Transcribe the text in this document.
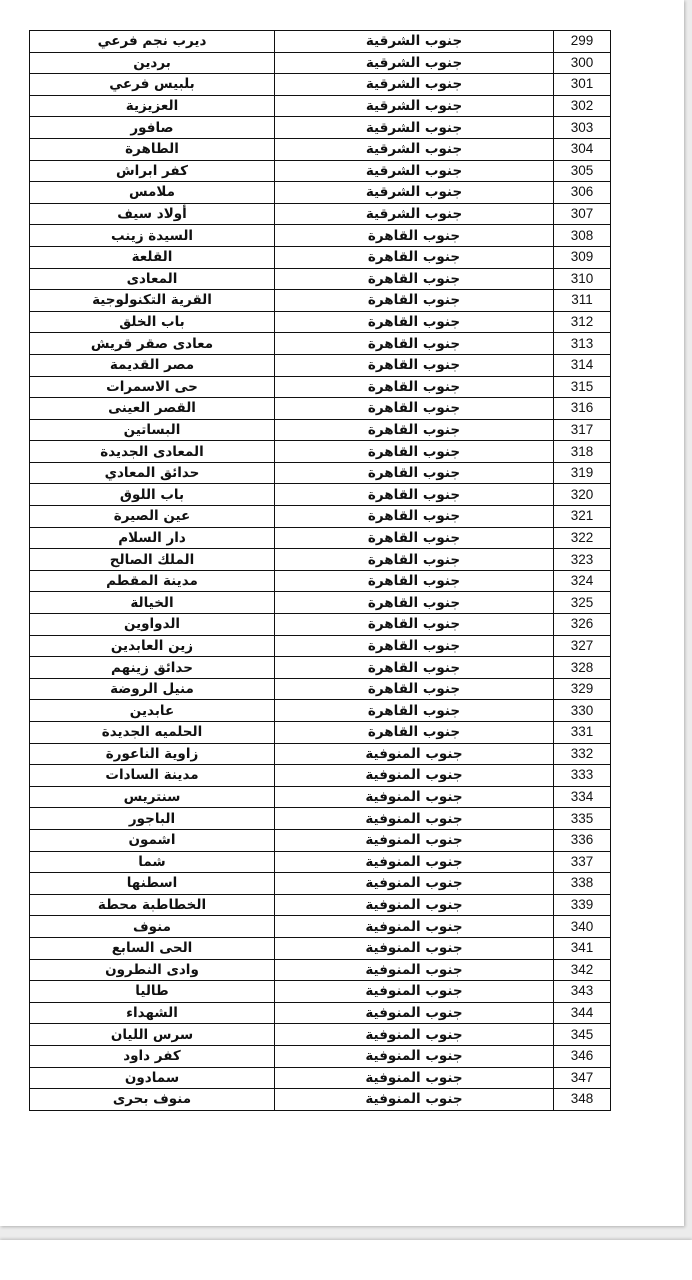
ديرب نجم فرعي	جنوب الشرقية	299
بردين	جنوب الشرقية	300
بلبيس فرعي	جنوب الشرقية	301
العزيزية	جنوب الشرقية	302
صافور	جنوب الشرقية	303
الطاهرة	جنوب الشرقية	304
كفر ابراش	جنوب الشرقية	305
ملامس	جنوب الشرقية	306
أولاد سيف	جنوب الشرقية	307
السيدة زينب	جنوب القاهرة	308
القلعة	جنوب القاهرة	309
المعادى	جنوب القاهرة	310
القرية التكنولوجية	جنوب القاهرة	311
باب الخلق	جنوب القاهرة	312
معادى صقر قريش	جنوب القاهرة	313
مصر القديمة	جنوب القاهرة	314
حى الاسمرات	جنوب القاهرة	315
القصر العينى	جنوب القاهرة	316
البساتين	جنوب القاهرة	317
المعادى الجديدة	جنوب القاهرة	318
حدائق المعادي	جنوب القاهرة	319
باب اللوق	جنوب القاهرة	320
عين الصيرة	جنوب القاهرة	321
دار السلام	جنوب القاهرة	322
الملك الصالح	جنوب القاهرة	323
مدينة المقطم	جنوب القاهرة	324
الخيالة	جنوب القاهرة	325
الدواوين	جنوب القاهرة	326
زين العابدين	جنوب القاهرة	327
حدائق زينهم	جنوب القاهرة	328
منيل الروضة	جنوب القاهرة	329
عابدين	جنوب القاهرة	330
الحلميه الجديدة	جنوب القاهرة	331
زاوية الناعورة	جنوب المنوفية	332
مدينة السادات	جنوب المنوفية	333
سنتريس	جنوب المنوفية	334
الباجور	جنوب المنوفية	335
اشمون	جنوب المنوفية	336
شما	جنوب المنوفية	337
اسطنها	جنوب المنوفية	338
الخطاطبة محطة	جنوب المنوفية	339
منوف	جنوب المنوفية	340
الحى السابع	جنوب المنوفية	341
وادى النطرون	جنوب المنوفية	342
طاليا	جنوب المنوفية	343
الشهداء	جنوب المنوفية	344
سرس الليان	جنوب المنوفية	345
كفر داود	جنوب المنوفية	346
سمادون	جنوب المنوفية	347
منوف بحرى	جنوب المنوفية	348
